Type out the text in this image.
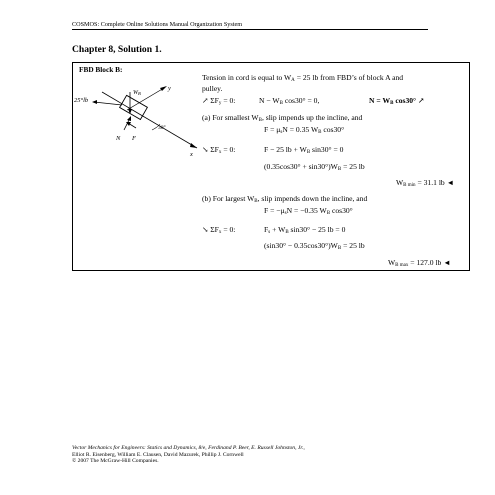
COSMOS: Complete Online Solutions Manual Organization System
Chapter 8, Solution 1.
FBD Block B:
25°lb
WB
N F
30°
y
x
Tension in cord is equal to $W_A = 25$ lb from FBD’s of block A and
pulley.
↗ $\Sigma F_y = 0$:	$N - W_B$ cos30° = 0,	$N = W_B$ cos30° ↗
(a) For smallest $W_B$, slip impends up the incline, and
$F = \mu_sN = 0.35$ $W_B$ cos30°
↘ $\Sigma F_x = 0$:	F − 25 lb + $W_B$ sin30° = 0
$(0.35\cos 30^\circ + \sin 30^\circ)W_B = 25$ lb
$W_{B min} = 31.1$ lb ◄
(b) For largest $W_B$, slip impends down the incline, and
$F = -\mu_sN = -0.35$ $W_B$ cos30°
↘ $\Sigma F_x = 0$:	$F_s + W_B$ sin30° − 25 lb = 0
$(\sin 30^\circ - 0.35\cos 30^\circ)W_B = 25$ lb
$W_{B max} = 127.0$ lb ◄
Vector Mechanics for Engineers: Statics and Dynamics, 8/e, Ferdinand P. Beer, E. Russell Johnston, Jr.,
Elliot R. Eisenberg, William E. Clausen, David Mazurek, Phillip J. Cornwell
© 2007 The McGraw-Hill Companies.
